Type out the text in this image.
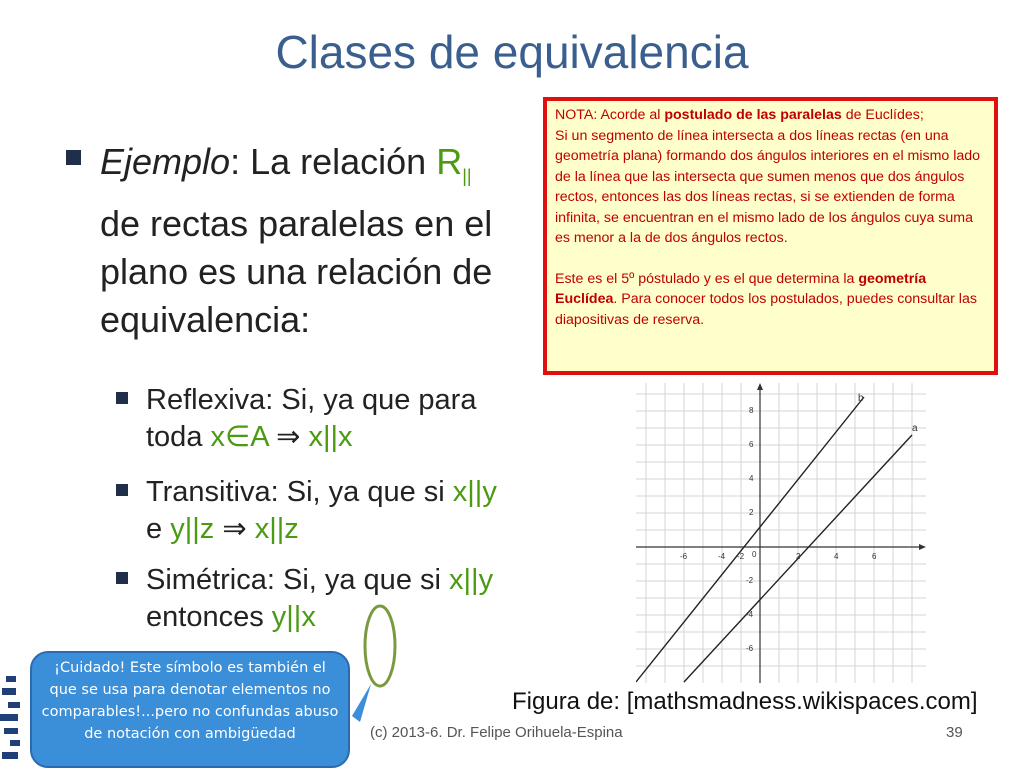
Clases de equivalencia
Ejemplo: La relación $R_{||}$ de rectas paralelas en el plano es una relación de equivalencia:
Reflexiva: Si, ya que para toda x∈A ⇒ x||x
Transitiva: Si, ya que si x||y e y||z ⇒ x||z
Simétrica: Si, ya que si x||y entonces y||x

NOTA: Acorde al postulado de las paralelas de Euclídes;

Si un segmento de línea intersecta a dos líneas rectas (en una geometría plana) formando dos ángulos interiores en el mismo lado de la línea que las intersecta que sumen menos que dos ángulos rectos, entonces las dos líneas rectas, si se extienden de forma infinita, se encuentran en el mismo lado de los ángulos cuya suma es menor a la de dos ángulos rectos.

Este es el 5º póstulado y es el que determina la geometría Euclídea. Para conocer todos los postulados, puedes consultar las diapositivas de reserva.

b
a
-6	-4 -2 0	2	4	6
8
6
4
2
-2
-4
-6
Figura de: [mathsmadness.wikispaces.com]
(c) 2013-6. Dr. Felipe Orihuela-Espina	39
¡Cuidado! Este símbolo es también el que se usa para denotar elementos no comparables!...pero no confundas abuso de notación con ambigüedad
